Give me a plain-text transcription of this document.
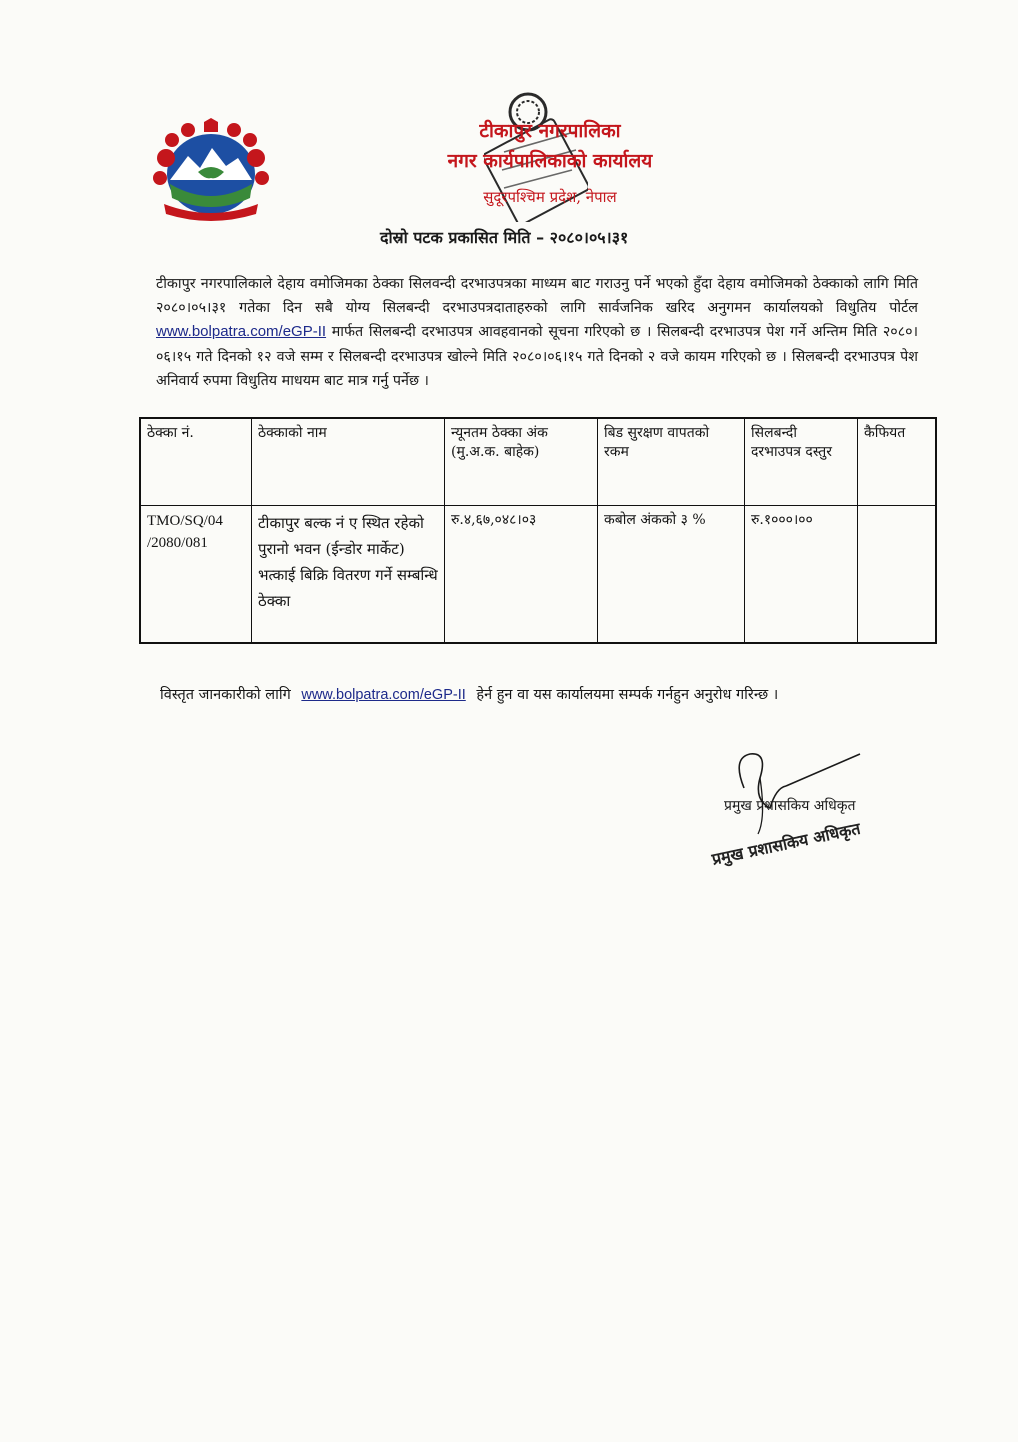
टीकापुर नगरपालिका
नगर कार्यपालिकाको कार्यालय
सुदूरपश्चिम प्रदेश, नेपाल
दोस्रो पटक प्रकासित मिति – २०८०।०५।३१
टीकापुर नगरपालिकाले देहाय वमोजिमका ठेक्का सिलवन्दी दरभाउपत्रका माध्यम बाट गराउनु पर्ने भएको हुँदा देहाय वमोजिमको ठेक्काको लागि मिति २०८०।०५।३१ गतेका दिन सबै योग्य सिलबन्दी दरभाउपत्रदाताहरुको लागि सार्वजनिक खरिद अनुगमन कार्यालयको विधुतिय पोर्टल www.bolpatra.com/eGP-II मार्फत सिलबन्दी दरभाउपत्र आवहवानको सूचना गरिएको छ । सिलबन्दी दरभाउपत्र पेश गर्ने अन्तिम मिति २०८०।०६।१५ गते दिनको १२ वजे सम्म र सिलबन्दी दरभाउपत्र खोल्ने मिति २०८०।०६।१५ गते दिनको २ वजे कायम गरिएको छ । सिलबन्दी दरभाउपत्र पेश अनिवार्य रुपमा विधुतिय माधयम बाट मात्र गर्नु पर्नेछ ।
ठेक्का नं.	ठेक्काको नाम	न्यूनतम ठेक्का अंक (मु.अ.क. बाहेक)	बिड सुरक्षण वापतको रकम	सिलबन्दी दरभाउपत्र दस्तुर	कैफियत
TMO/SQ/04 /2080/081	टीकापुर बल्क नं ए स्थित रहेको पुरानो भवन (ईन्डोर मार्केट) भत्काई बिक्रि वितरण गर्ने सम्बन्धि ठेक्का	रु.४,६७,०४८।०३	कबोल अंकको ३ %	रु.१०००।००	
विस्तृत जानकारीको लागि www.bolpatra.com/eGP-II हेर्न हुन वा यस कार्यालयमा सम्पर्क गर्नहुन अनुरोध गरिन्छ ।
प्रमुख प्रशासकिय अधिकृत
प्रमुख प्रशासकिय अधिकृत
